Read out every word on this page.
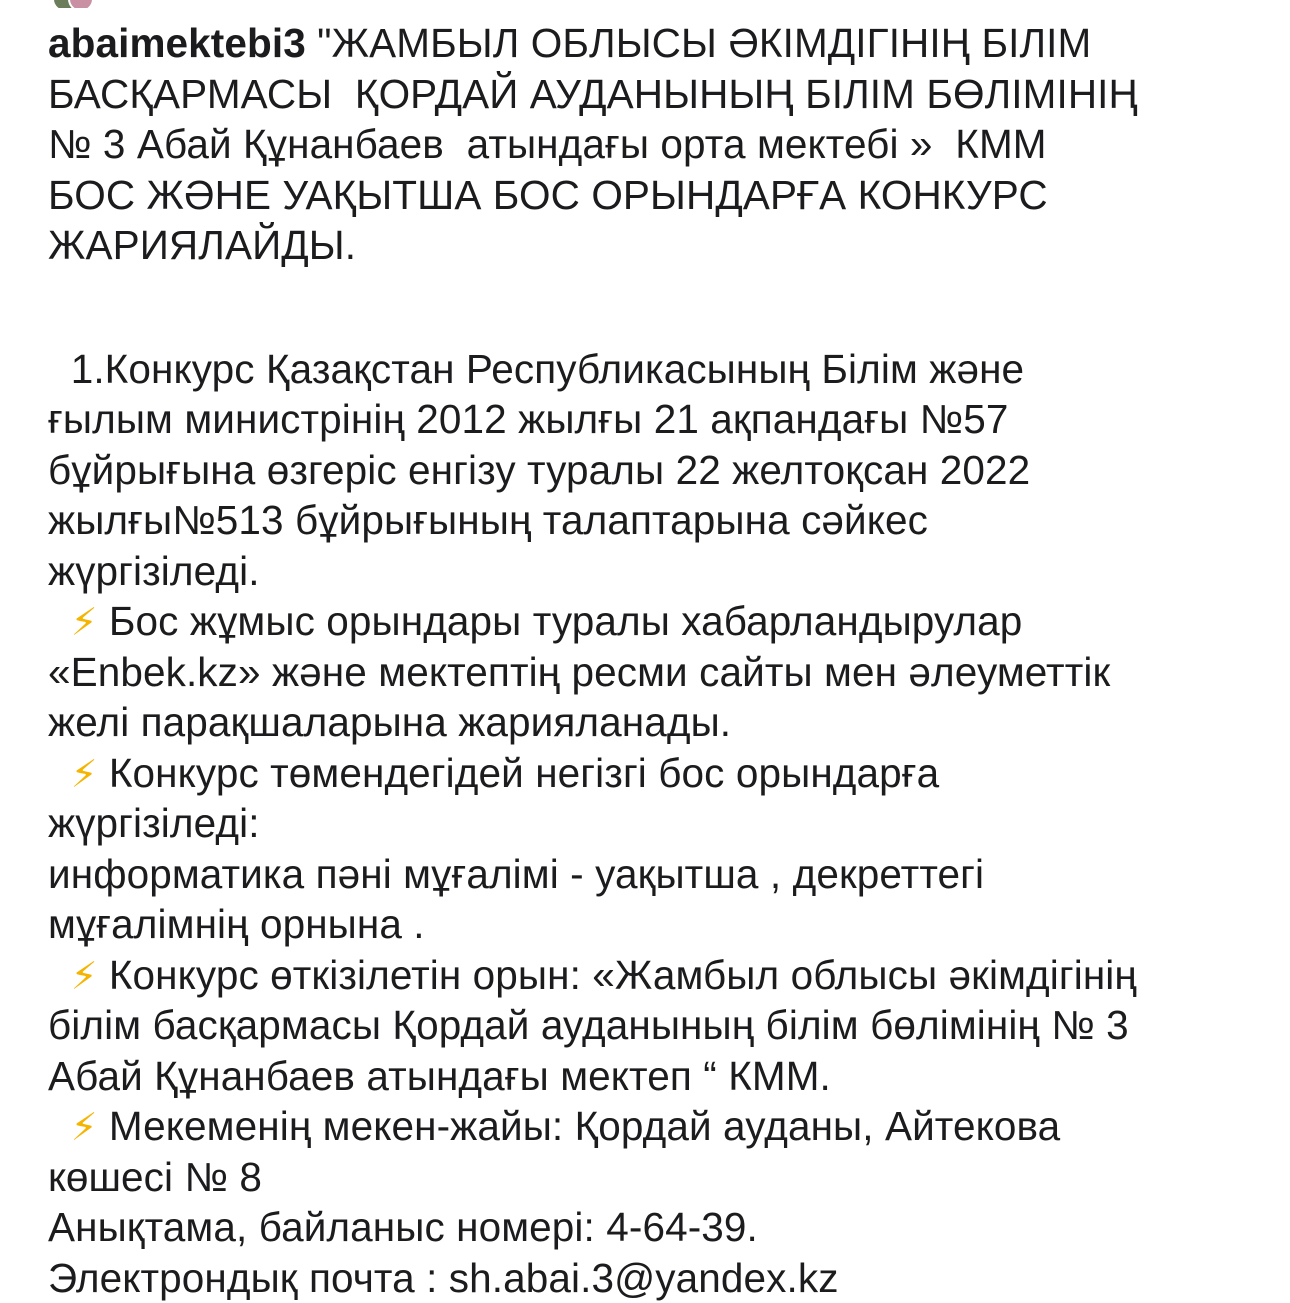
abaimektebi3 "ЖАМБЫЛ ОБЛЫСЫ ӘКІМДІГІНІҢ БІЛІМ
БАСҚАРМАСЫ  ҚОРДАЙ АУДАНЫНЫҢ БІЛІМ БӨЛІМІНІҢ
№ 3 Абай Құнанбаев  атындағы орта мектебі »  КММ
БОС ЖӘНЕ УАҚЫТША БОС ОРЫНДАРҒА КОНКУРС
ЖАРИЯЛАЙДЫ.
1.Конкурс Қазақстан Республикасының Білім және
ғылым министрінің 2012 жылғы 21 ақпандағы №57
бұйрығына өзгеріс енгізу туралы 22 желтоқсан 2022
жылғы№513 бұйрығының талаптарына сәйкес
жүргізіледі.
⚡ Бос жұмыс орындары туралы хабарландырулар
«Enbek.kz» және мектептің ресми сайты мен әлеуметтік
желі парақшаларына жарияланады.
⚡ Конкурс төмендегідей негізгі бос орындарға
жүргізіледі:
информатика пәні мұғалімі - уақытша , декреттегі
мұғалімнің орнына .
⚡ Конкурс өткізілетін орын: «Жамбыл облысы әкімдігінің
білім басқармасы Қордай ауданының білім бөлімінің № 3
Абай Құнанбаев атындағы мектеп “ КММ.
⚡ Мекеменің мекен-жайы: Қордай ауданы, Айтекова
көшесі № 8
Анықтама, байланыс номері: 4-64-39.
Электрондық почта : sh.abai.3@yandex.kz
